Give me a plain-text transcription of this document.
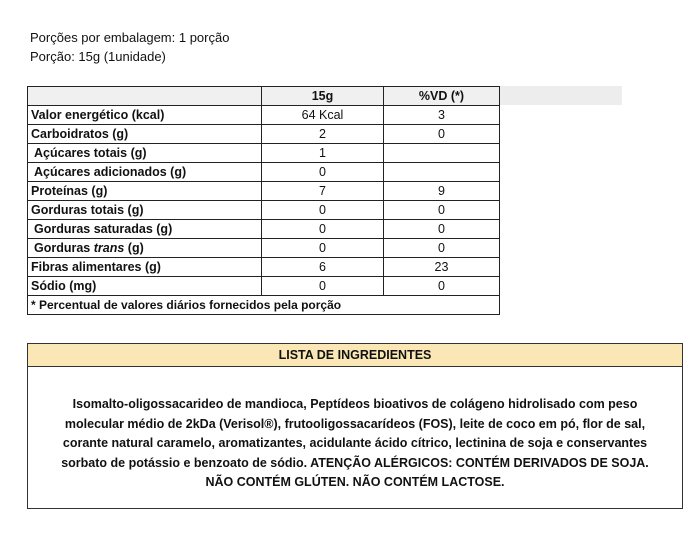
Porções por embalagem: 1 porção
Porção: 15g (1unidade)
	15g	%VD (*)
Valor energético (kcal)	64 Kcal	3
Carboidratos (g)	2	0
Açúcares totais (g)	1	
Açúcares adicionados (g)	0	
Proteínas (g)	7	9
Gorduras totais (g)	0	0
Gorduras saturadas (g)	0	0
Gorduras trans (g)	0	0
Fibras alimentares (g)	6	23
Sódio (mg)	0	0
* Percentual de valores diários fornecidos pela porção		
LISTA DE INGREDIENTES
Isomalto-oligossacarideo de mandioca, Peptídeos bioativos de colágeno hidrolisado com peso molecular médio de 2kDa (Verisol®), frutooligossacarídeos (FOS), leite de coco em pó, flor de sal, corante natural caramelo, aromatizantes, acidulante ácido cítrico, lectinina de soja e conservantes sorbato de potássio e benzoato de sódio. ATENÇÃO ALÉRGICOS: CONTÉM DERIVADOS DE SOJA. NÃO CONTÉM GLÚTEN. NÃO CONTÉM LACTOSE.
